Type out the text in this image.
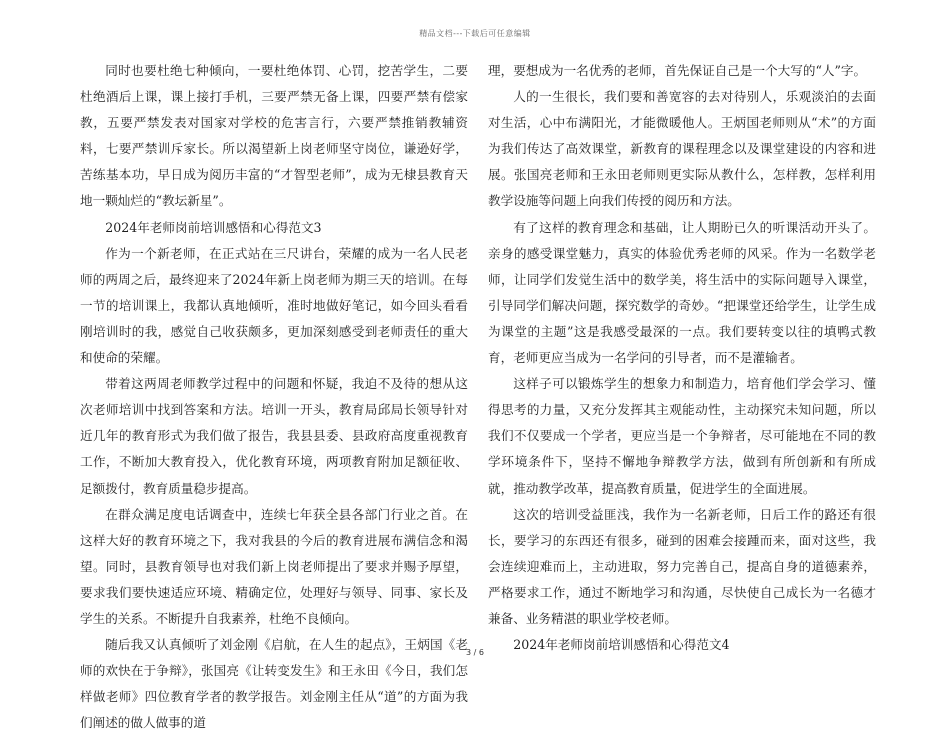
精品文档---下载后可任意编辑

同时也要杜绝七种倾向，一要杜绝体罚、心罚，挖苦学生，二要杜绝酒后上课，课上接打手机，三要严禁无备上课，四要严禁有偿家教，五要严禁发表对国家对学校的危害言行，六要严禁推销教辅资料，七要严禁训斥家长。所以渴望新上岗老师坚守岗位，谦逊好学，苦练基本功，早日成为阅历丰富的“才智型老师”，成为无棣县教育天地一颗灿烂的“教坛新星”。

2024年老师岗前培训感悟和心得范文3

作为一个新老师，在正式站在三尺讲台，荣耀的成为一名人民老师的两周之后，最终迎来了2024年新上岗老师为期三天的培训。在每一节的培训课上，我都认真地倾听，准时地做好笔记，如今回头看看刚培训时的我，感觉自己收获颇多，更加深刻感受到老师责任的重大和使命的荣耀。

带着这两周老师教学过程中的问题和怀疑，我迫不及待的想从这次老师培训中找到答案和方法。培训一开头，教育局邱局长领导针对近几年的教育形式为我们做了报告，我县县委、县政府高度重视教育工作，不断加大教育投入，优化教育环境，两项教育附加足额征收、足额拨付，教育质量稳步提高。

在群众满足度电话调查中，连续七年获全县各部门行业之首。在这样大好的教育环境之下，我对我县的今后的教育进展布满信念和渴望。同时，县教育领导也对我们新上岗老师提出了要求并赐予厚望，要求我们要快速适应环境、精确定位，处理好与领导、同事、家长及学生的关系。不断提升自我素养，杜绝不良倾向。

随后我又认真倾听了刘金刚《启航，在人生的起点》，王炳国《老师的欢快在于争辩》，张国亮《让转变发生》和王永田《今日，我们怎样做老师》四位教育学者的教学报告。刘金刚主任从“道”的方面为我们阐述的做人做事的道

理，要想成为一名优秀的老师，首先保证自己是一个大写的“人”字。

人的一生很长，我们要和善宽容的去对待别人，乐观淡泊的去面对生活，心中布满阳光，才能微暖他人。王炳国老师则从“术”的方面为我们传达了高效课堂，新教育的课程理念以及课堂建设的内容和进展。张国亮老师和王永田老师则更实际从教什么，怎样教，怎样利用教学设施等问题上向我们传授的阅历和方法。

有了这样的教育理念和基础，让人期盼已久的听课活动开头了。亲身的感受课堂魅力，真实的体验优秀老师的风采。作为一名数学老师，让同学们发觉生活中的数学美，将生活中的实际问题导入课堂，引导同学们解决问题，探究数学的奇妙。“把课堂还给学生，让学生成为课堂的主题”这是我感受最深的一点。我们要转变以往的填鸭式教育，老师更应当成为一名学问的引导者，而不是灌输者。

这样子可以锻炼学生的想象力和制造力，培育他们学会学习、懂得思考的力量，又充分发挥其主观能动性，主动探究未知问题，所以我们不仅要成一个学者，更应当是一个争辩者，尽可能地在不同的教学环境条件下，坚持不懈地争辩教学方法，做到有所创新和有所成就，推动教学改革，提高教育质量，促进学生的全面进展。

这次的培训受益匪浅，我作为一名新老师，日后工作的路还有很长，要学习的东西还有很多，碰到的困难会接踵而来，面对这些，我会连续迎难而上，主动进取，努力完善自己，提高自身的道德素养，严格要求工作，通过不断地学习和沟通，尽快使自己成长为一名德才兼备、业务精湛的职业学校老师。

2024年老师岗前培训感悟和心得范文4

3 / 6
